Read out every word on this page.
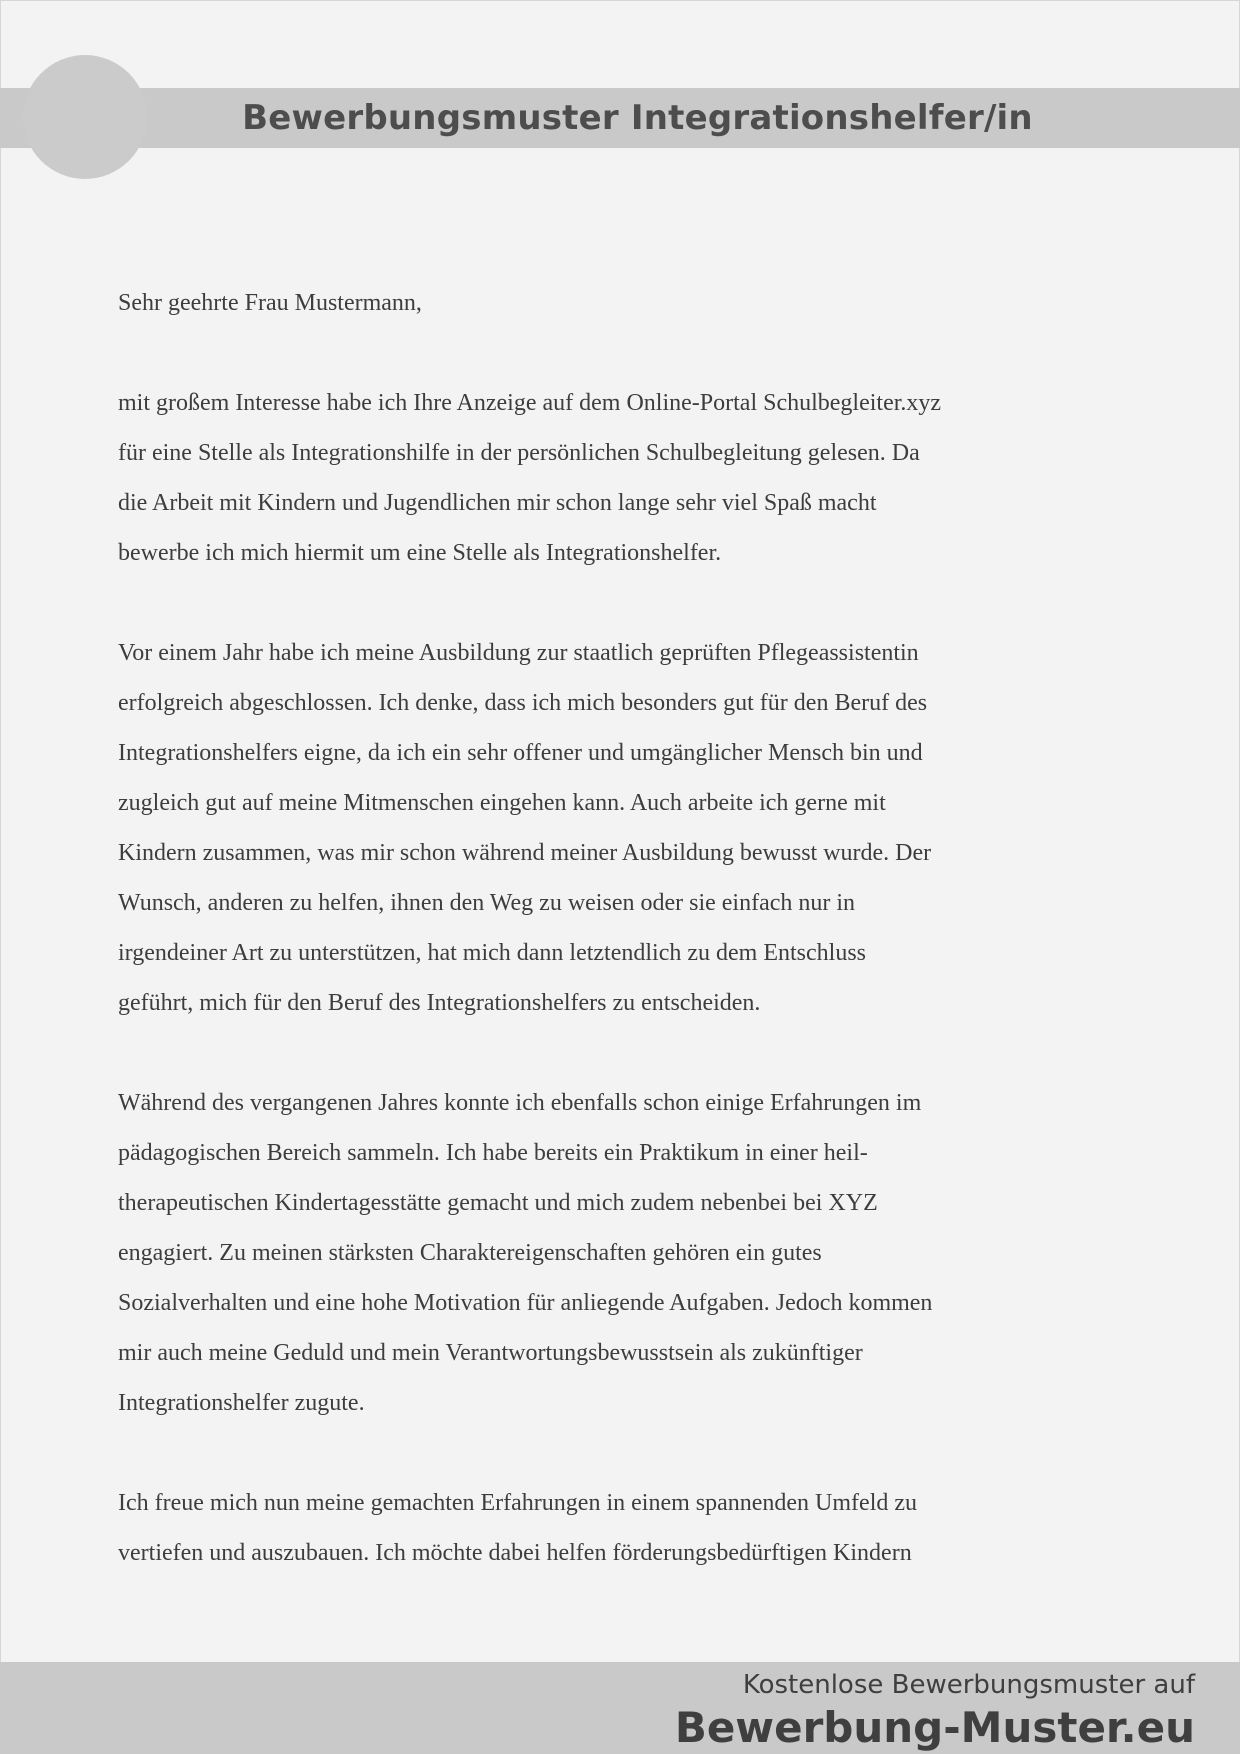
Bewerbungsmuster Integrationshelfer/in

Sehr geehrte Frau Mustermann,

mit großem Interesse habe ich Ihre Anzeige auf dem Online-Portal Schulbegleiter.xyz
für eine Stelle als Integrationshilfe in der persönlichen Schulbegleitung gelesen. Da
die Arbeit mit Kindern und Jugendlichen mir schon lange sehr viel Spaß macht
bewerbe ich mich hiermit um eine Stelle als Integrationshelfer.

Vor einem Jahr habe ich meine Ausbildung zur staatlich geprüften Pflegeassistentin
erfolgreich abgeschlossen. Ich denke, dass ich mich besonders gut für den Beruf des
Integrationshelfers eigne, da ich ein sehr offener und umgänglicher Mensch bin und
zugleich gut auf meine Mitmenschen eingehen kann. Auch arbeite ich gerne mit
Kindern zusammen, was mir schon während meiner Ausbildung bewusst wurde. Der
Wunsch, anderen zu helfen, ihnen den Weg zu weisen oder sie einfach nur in
irgendeiner Art zu unterstützen, hat mich dann letztendlich zu dem Entschluss
geführt, mich für den Beruf des Integrationshelfers zu entscheiden.

Während des vergangenen Jahres konnte ich ebenfalls schon einige Erfahrungen im
pädagogischen Bereich sammeln. Ich habe bereits ein Praktikum in einer heil-
therapeutischen Kindertagesstätte gemacht und mich zudem nebenbei bei XYZ
engagiert. Zu meinen stärksten Charaktereigenschaften gehören ein gutes
Sozialverhalten und eine hohe Motivation für anliegende Aufgaben. Jedoch kommen
mir auch meine Geduld und mein Verantwortungsbewusstsein als zukünftiger
Integrationshelfer zugute.

Ich freue mich nun meine gemachten Erfahrungen in einem spannenden Umfeld zu
vertiefen und auszubauen. Ich möchte dabei helfen förderungsbedürftigen Kindern

Kostenlose Bewerbungsmuster auf

Bewerbung-Muster.eu
